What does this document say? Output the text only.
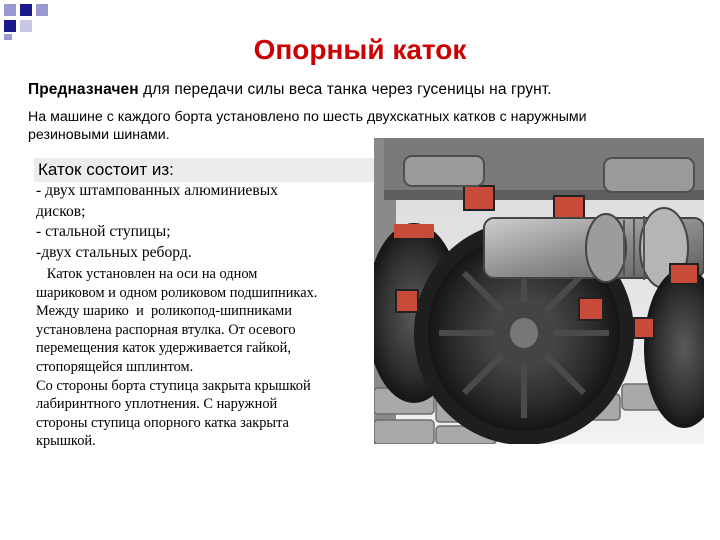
Опорный каток
Предназначен для передачи силы веса танка через гусеницы на грунт.
На машине с каждого борта установлено по шесть двухскатных катков с наружными
резиновыми шинами.
Каток состоит из:
- двух штампованных алюминиевых
дисков;
- стальной ступицы;
-двух стальных реборд.
Каток установлен на оси на одном
шариковом и одном роликовом подшипниках.
Между шарико  и  роликопод-шипниками
установлена распорная втулка. От осевого
перемещения каток удерживается гайкой,
стопорящейся шплинтом.
Со стороны борта ступица закрыта крышкой
лабиринтного уплотнения. С наружной
стороны ступица опорного катка закрыта
крышкой.
